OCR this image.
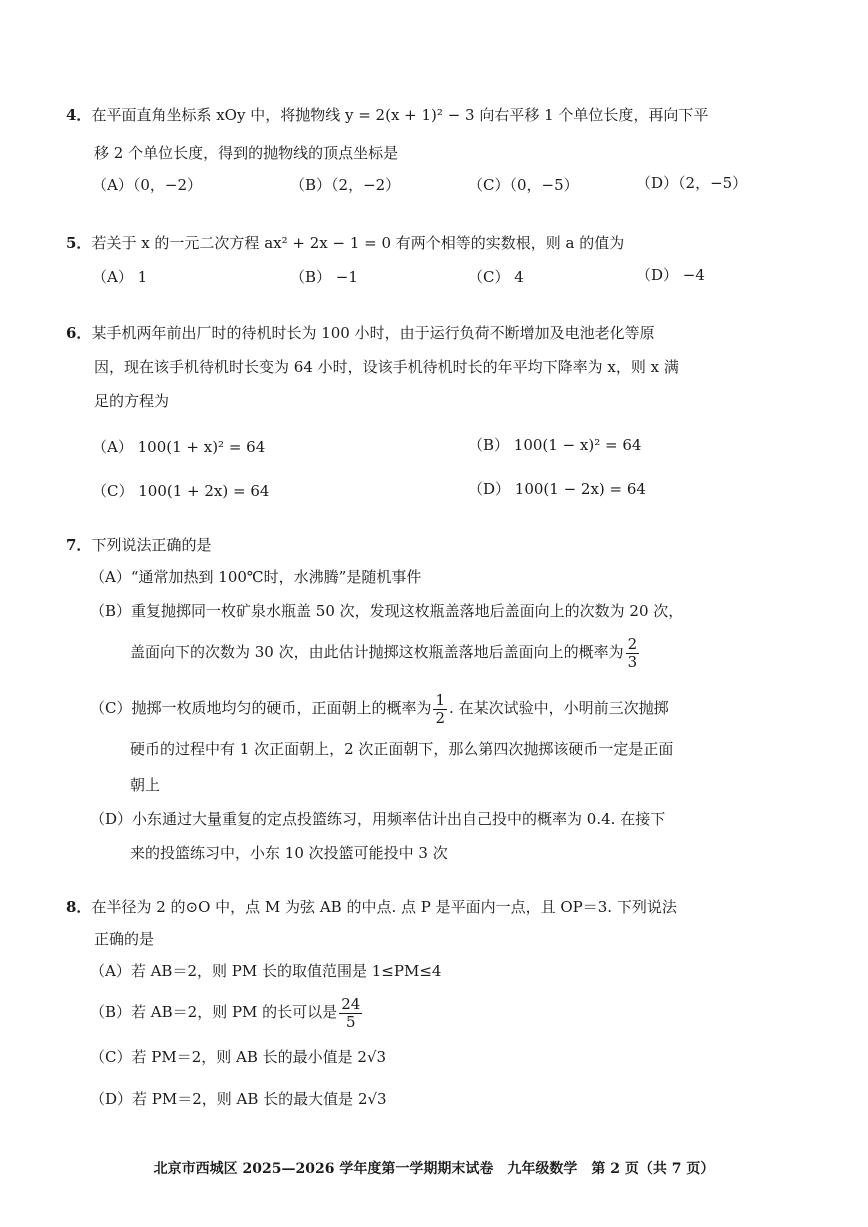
4．在平面直角坐标系 xOy 中，将抛物线 y = 2(x + 1)² − 3 向右平移 1 个单位长度，再向下平
移 2 个单位长度，得到的抛物线的顶点坐标是
（A）（0，−2）	（B）（2，−2）	（C）（0，−5）	（D）（2，−5）
5．若关于 x 的一元二次方程 ax² + 2x − 1 = 0 有两个相等的实数根，则 a 的值为
（A） 1	（B） −1	（C） 4	（D） −4
6．某手机两年前出厂时的待机时长为 100 小时，由于运行负荷不断增加及电池老化等原
因，现在该手机待机时长变为 64 小时，设该手机待机时长的年平均下降率为 x，则 x 满
足的方程为
（A） 100(1 + x)² = 64	（B） 100(1 − x)² = 64
（C） 100(1 + 2x) = 64	（D） 100(1 − 2x) = 64
7．下列说法正确的是
（A）“通常加热到 100℃时，水沸腾”是随机事件
（B）重复抛掷同一枚矿泉水瓶盖 50 次，发现这枚瓶盖落地后盖面向上的次数为 20 次，
盖面向下的次数为 30 次，由此估计抛掷这枚瓶盖落地后盖面向上的概率为 $\frac{2}{3}$
（C）抛掷一枚质地均匀的硬币，正面朝上的概率为 $\frac{1}{2}$ . 在某次试验中，小明前三次抛掷
硬币的过程中有 1 次正面朝上，2 次正面朝下，那么第四次抛掷该硬币一定是正面
朝上
（D）小东通过大量重复的定点投篮练习，用频率估计出自己投中的概率为 0.4. 在接下
来的投篮练习中，小东 10 次投篮可能投中 3 次
8．在半径为 2 的⊙O 中，点 M 为弦 AB 的中点. 点 P 是平面内一点，且 OP＝3. 下列说法
正确的是
（A）若 AB＝2，则 PM 长的取值范围是 1≤PM≤4
（B）若 AB＝2，则 PM 的长可以是 $\frac{24}{5}$
（C）若 PM＝2，则 AB 长的最小值是 2√3
（D）若 PM＝2，则 AB 长的最大值是 2√3
北京市西城区 2025—2026 学年度第一学期期末试卷　九年级数学　第 2 页（共 7 页）
